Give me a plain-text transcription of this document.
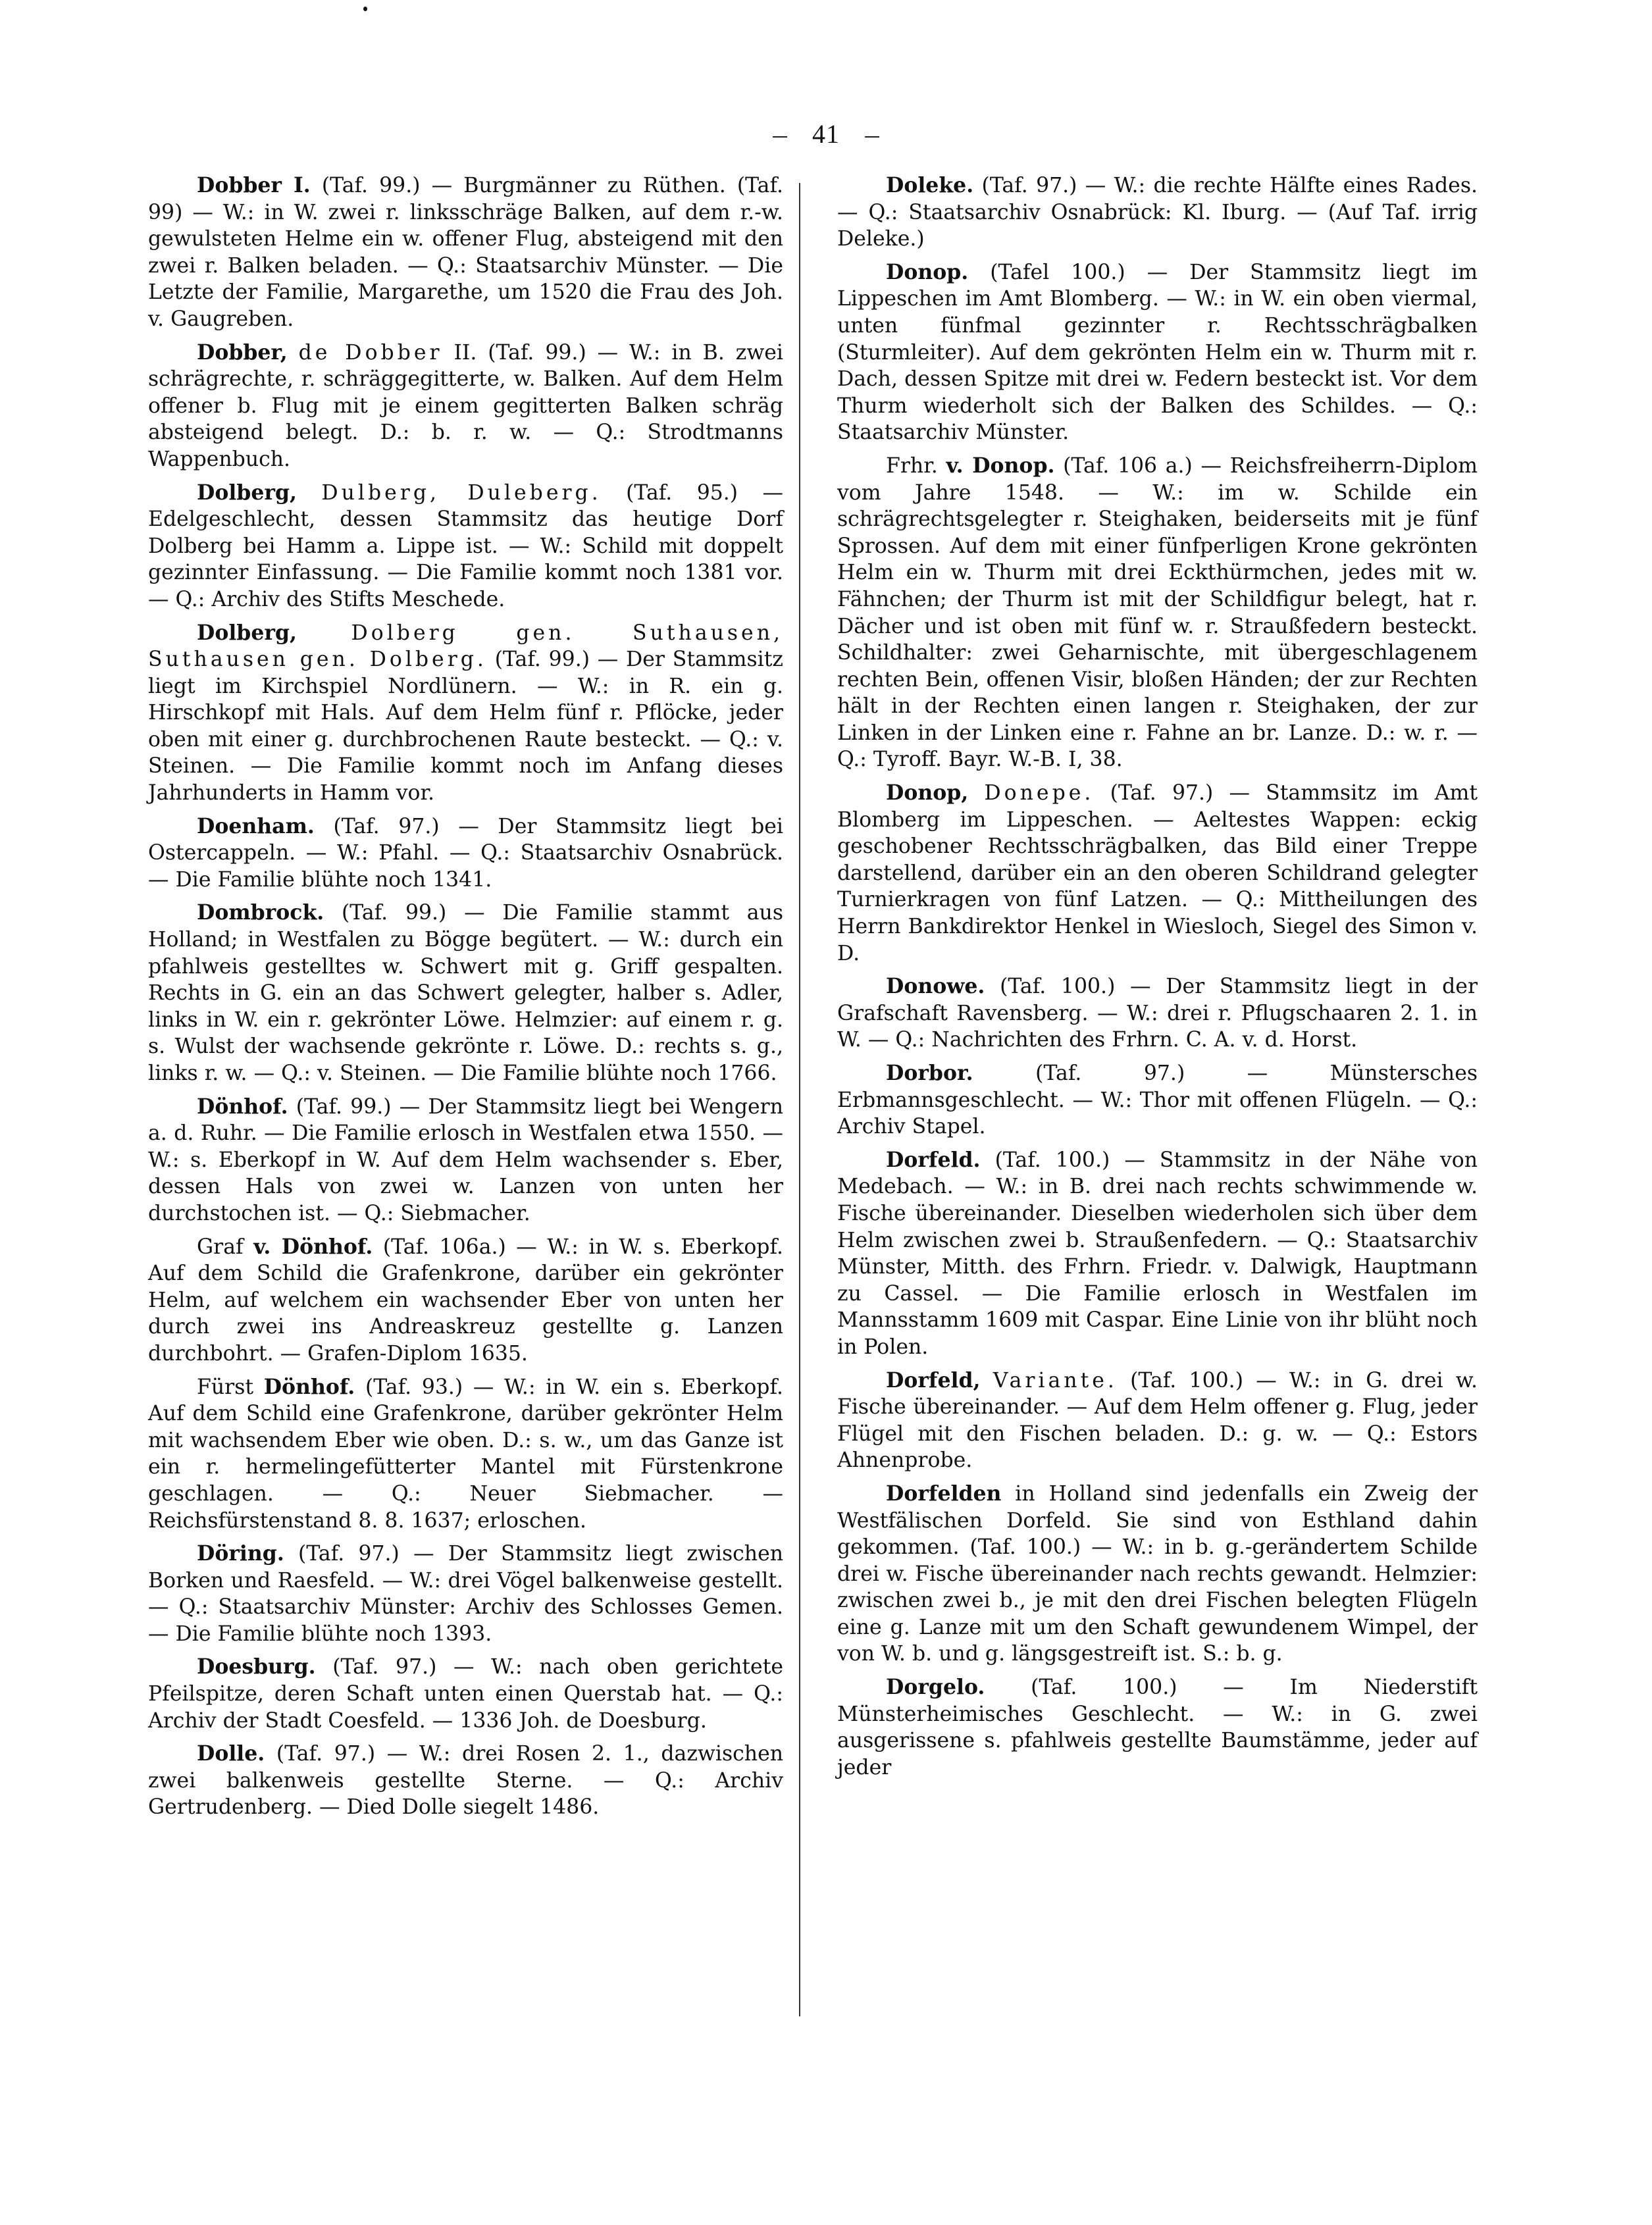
41

Dobber I. (Taf. 99.) — Burgmänner zu Rüthen. (Taf. 99) — W.: in W. zwei r. linksschräge Balken, auf dem r.-w. gewulsteten Helme ein w. offener Flug, absteigend mit den zwei r. Balken beladen. — Q.: Staatsarchiv Münster. — Die Letzte der Familie, Margarethe, um 1520 die Frau des Joh. v. Gaugreben.

Dobber, de Dobber II. (Taf. 99.) — W.: in B. zwei schrägrechte, r. schräggegitterte, w. Balken. Auf dem Helm offener b. Flug mit je einem gegitterten Balken schräg absteigend belegt. D.: b. r. w. — Q.: Strodtmanns Wappenbuch.

Dolberg, Dulberg, Duleberg. (Taf. 95.) — Edelgeschlecht, dessen Stammsitz das heutige Dorf Dolberg bei Hamm a. Lippe ist. — W.: Schild mit doppelt gezinnter Einfassung. — Die Familie kommt noch 1381 vor. — Q.: Archiv des Stifts Meschede.

Dolberg,	Dolberg gen. Suthausen, Suthausen gen. Dolberg. (Taf. 99.) — Der Stammsitz liegt im Kirchspiel Nordlünern. — W.: in R. ein g. Hirschkopf mit Hals. Auf dem Helm fünf r. Pflöcke, jeder oben mit einer g. durchbrochenen Raute besteckt. — Q.: v. Steinen. — Die Familie kommt noch im Anfang dieses Jahrhunderts in Hamm vor.

Doenham. (Taf. 97.) — Der Stammsitz liegt bei Ostercappeln. — W.: Pfahl. — Q.: Staatsarchiv Osnabrück. — Die Familie blühte noch 1341.

Dombrock. (Taf. 99.) — Die Familie stammt aus Holland; in Westfalen zu Bögge begütert. — W.: durch ein pfahlweis gestelltes w. Schwert mit g. Griff gespalten. Rechts in G. ein an das Schwert gelegter, halber s. Adler, links in W. ein r. gekrönter Löwe. Helmzier: auf einem r. g. s. Wulst der wachsende gekrönte r. Löwe. D.: rechts s. g., links r. w. — Q.: v. Steinen. — Die Familie blühte noch 1766.

Dönhof. (Taf. 99.) — Der Stammsitz liegt bei Wengern a. d. Ruhr. — Die Familie erlosch in Westfalen etwa 1550. — W.: s. Eberkopf in W. Auf dem Helm wachsender s. Eber, dessen Hals von zwei w. Lanzen von unten her durchstochen ist. — Q.: Siebmacher.

Graf v. Dönhof. (Taf. 106a.) — W.: in W. s. Eberkopf. Auf dem Schild die Grafenkrone, darüber ein gekrönter Helm, auf welchem ein wachsender Eber von unten her durch zwei ins Andreaskreuz gestellte g. Lanzen durchbohrt. — Grafen-Diplom 1635.

Fürst Dönhof. (Taf. 93.) — W.: in W. ein s. Eberkopf. Auf dem Schild eine Grafenkrone, darüber gekrönter Helm mit wachsendem Eber wie oben. D.: s. w., um das Ganze ist ein r. hermelingefütterter Mantel mit Fürstenkrone geschlagen. — Q.: Neuer Siebmacher. — Reichsfürstenstand 8. 8. 1637; erloschen.

Döring. (Taf. 97.) — Der Stammsitz liegt zwischen Borken und Raesfeld. — W.: drei Vögel balkenweise gestellt. — Q.: Staatsarchiv Münster: Archiv des Schlosses Gemen. — Die Familie blühte noch 1393.

Doesburg. (Taf. 97.) — W.: nach oben gerichtete Pfeilspitze, deren Schaft unten einen Querstab hat. — Q.: Archiv der Stadt Coesfeld. — 1336 Joh. de Doesburg.

Dolle. (Taf. 97.) — W.: drei Rosen 2. 1., dazwischen zwei balkenweis gestellte Sterne. — Q.: Archiv Gertrudenberg. — Died Dolle siegelt 1486.

Doleke. (Taf. 97.) — W.: die rechte Hälfte eines Rades. — Q.: Staatsarchiv Osnabrück: Kl. Iburg. — (Auf Taf. irrig Deleke.)

Donop. (Tafel 100.) — Der Stammsitz liegt im Lippeschen im Amt Blomberg. — W.: in W. ein oben viermal, unten fünfmal gezinnter r. Rechtsschrägbalken (Sturmleiter). Auf dem gekrönten Helm ein w. Thurm mit r. Dach, dessen Spitze mit drei w. Federn besteckt ist. Vor dem Thurm wiederholt sich der Balken des Schildes. — Q.: Staatsarchiv Münster.

Frhr. v. Donop. (Taf. 106 a.) — Reichsfreiherrn-Diplom vom Jahre 1548. — W.: im w. Schilde ein schrägrechtsgelegter r. Steighaken, beiderseits mit je fünf Sprossen. Auf dem mit einer fünfperligen Krone gekrönten Helm ein w. Thurm mit drei Eckthürmchen, jedes mit w. Fähnchen; der Thurm ist mit der Schildfigur belegt, hat r. Dächer und ist oben mit fünf w. r. Straußfedern besteckt. Schildhalter: zwei Geharnischte, mit übergeschlagenem rechten Bein, offenen Visir, bloßen Händen; der zur Rechten hält in der Rechten einen langen r. Steighaken, der zur Linken in der Linken eine r. Fahne an br. Lanze. D.: w. r. — Q.: Tyroff. Bayr. W.-B. I, 38.

Donop, Donepe. (Taf. 97.) — Stammsitz im Amt Blomberg im Lippeschen. — Aeltestes Wappen: eckig geschobener Rechtsschrägbalken, das Bild einer Treppe darstellend, darüber ein an den oberen Schildrand gelegter Turnierkragen von fünf Latzen. — Q.: Mittheilungen des Herrn Bankdirektor Henkel in Wiesloch, Siegel des Simon v. D.

Donowe. (Taf. 100.) — Der Stammsitz liegt in der Grafschaft Ravensberg. — W.: drei r. Pflugschaaren 2. 1. in W. — Q.: Nachrichten des Frhrn. C. A. v. d. Horst.

Dorbor.	(Taf. 97.) — Münstersches Erbmannsgeschlecht. — W.: Thor mit offenen Flügeln. — Q.: Archiv Stapel.

Dorfeld. (Taf. 100.) — Stammsitz in der Nähe von Medebach. — W.: in B. drei nach rechts schwimmende w. Fische übereinander. Dieselben wiederholen sich über dem Helm zwischen zwei b. Straußenfedern. — Q.: Staatsarchiv Münster, Mitth. des Frhrn. Friedr. v. Dalwigk, Hauptmann zu Cassel. — Die Familie erlosch in Westfalen im Mannsstamm 1609 mit Caspar. Eine Linie von ihr blüht noch in Polen.

Dorfeld, Variante. (Taf. 100.) — W.: in G. drei w. Fische übereinander. — Auf dem Helm offener g. Flug, jeder Flügel mit den Fischen beladen. D.: g. w. — Q.: Estors Ahnenprobe.

Dorfelden in Holland sind jedenfalls ein Zweig der Westfälischen Dorfeld. Sie sind von Esthland dahin gekommen. (Taf. 100.) — W.: in b. g.-gerändertem Schilde drei w. Fische übereinander nach rechts gewandt. Helmzier: zwischen zwei b., je mit den drei Fischen belegten Flügeln eine g. Lanze mit um den Schaft gewundenem Wimpel, der von W. b. und g. längsgestreift ist. S.: b. g.

Dorgelo. (Taf. 100.) — Im Niederstift Münsterheimisches Geschlecht. — W.: in G. zwei ausgerissene s. pfahlweis gestellte Baumstämme, jeder auf jeder
